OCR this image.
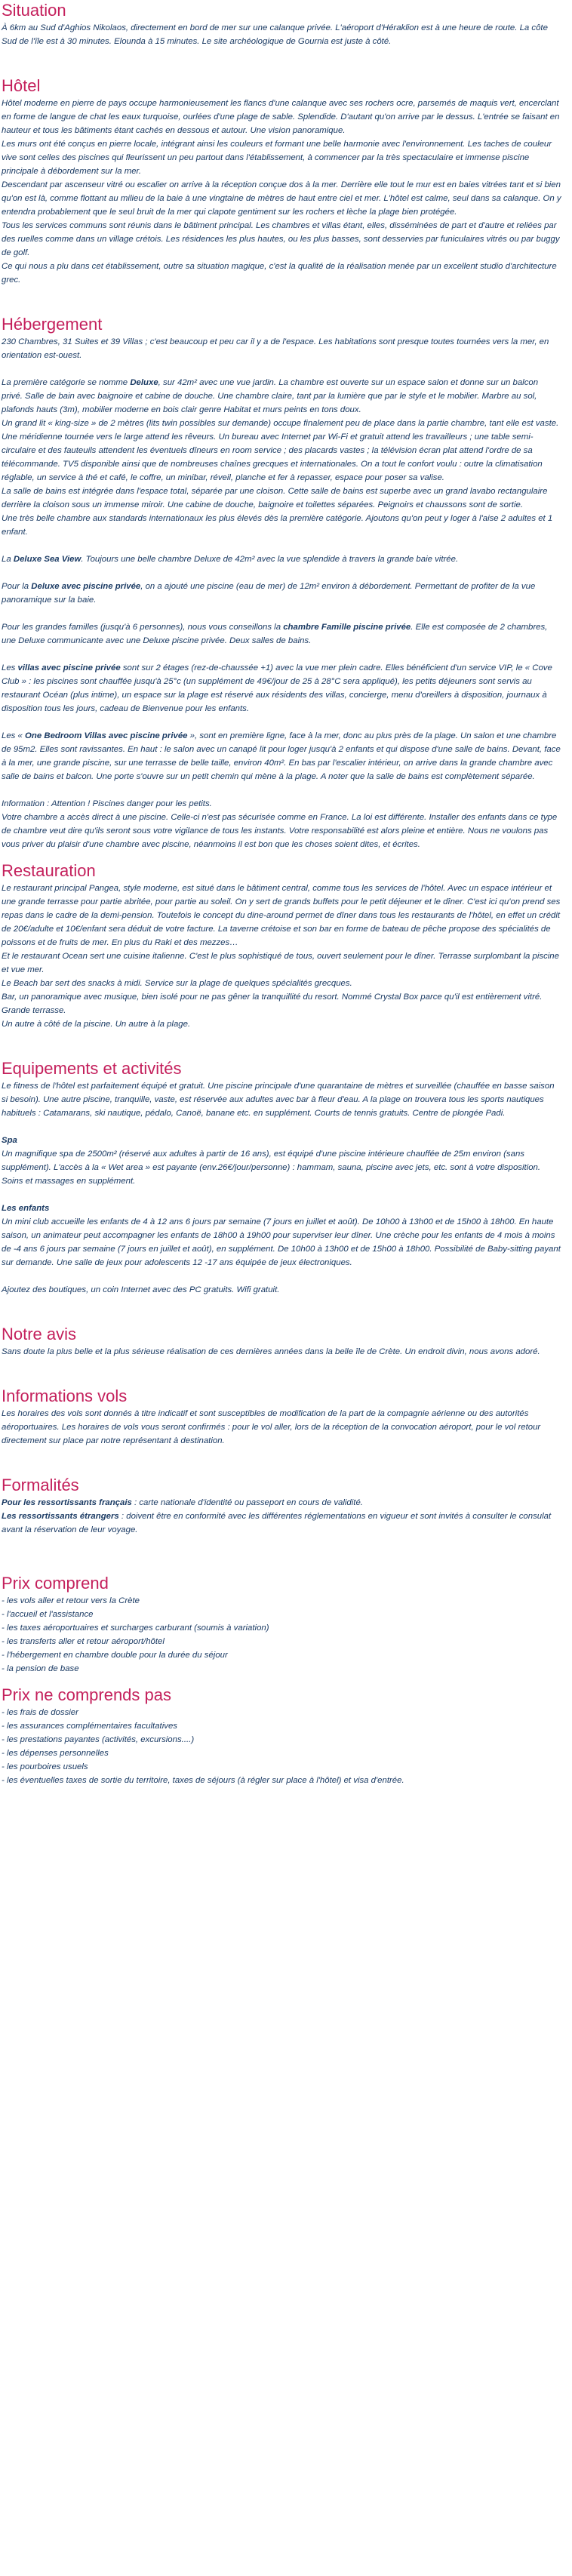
Situation

À 6km au Sud d'Aghios Nikolaos, directement en bord de mer sur une calanque privée. L'aéroport d'Héraklion est à une heure de route. La côte Sud de l'île est à 30 minutes. Elounda à 15 minutes. Le site archéologique de Gournia est juste à côté.

Hôtel

Hôtel moderne en pierre de pays occupe harmonieusement les flancs d'une calanque avec ses rochers ocre, parsemés de maquis vert, encerclant en forme de langue de chat les eaux turquoise, ourlées d'une plage de sable. Splendide. D'autant qu'on arrive par le dessus. L'entrée se faisant en hauteur et tous les bâtiments étant cachés en dessous et autour. Une vision panoramique.

Les murs ont été conçus en pierre locale, intégrant ainsi les couleurs et formant une belle harmonie avec l'environnement. Les taches de couleur vive sont celles des piscines qui fleurissent un peu partout dans l'établissement, à commencer par la très spectaculaire et immense piscine principale à débordement sur la mer.

Descendant par ascenseur vitré ou escalier on arrive à la réception conçue dos à la mer. Derrière elle tout le mur est en baies vitrées tant et si bien qu'on est là, comme flottant au milieu de la baie à une vingtaine de mètres de haut entre ciel et mer. L'hôtel est calme, seul dans sa calanque. On y entendra probablement que le seul bruit de la mer qui clapote gentiment sur les rochers et lèche la plage bien protégée.

Tous les services communs sont réunis dans le bâtiment principal. Les chambres et villas étant, elles, disséminées de part et d'autre et reliées par des ruelles comme dans un village crétois. Les résidences les plus hautes, ou les plus basses, sont desservies par funiculaires vitrés ou par buggy de golf.

Ce qui nous a plu dans cet établissement, outre sa situation magique, c'est la qualité de la réalisation menée par un excellent studio d'architecture grec.

Hébergement

230 Chambres, 31 Suites et 39 Villas ; c'est beaucoup et peu car il y a de l'espace. Les habitations sont presque toutes tournées vers la mer, en orientation est-ouest.

La première catégorie se nomme Deluxe, sur 42m² avec une vue jardin. La chambre est ouverte sur un espace salon et donne sur un balcon privé. Salle de bain avec baignoire et cabine de douche. Une chambre claire, tant par la lumière que par le style et le mobilier. Marbre au sol, plafonds hauts (3m), mobilier moderne en bois clair genre Habitat et murs peints en tons doux.

Un grand lit « king-size » de 2 mètres (lits twin possibles sur demande) occupe finalement peu de place dans la partie chambre, tant elle est vaste. Une méridienne tournée vers le large attend les rêveurs. Un bureau avec Internet par Wi-Fi et gratuit attend les travailleurs ; une table semi-circulaire et des fauteuils attendent les éventuels dîneurs en room service ; des placards vastes ; la télévision écran plat attend l'ordre de sa télécommande. TV5 disponible ainsi que de nombreuses chaînes grecques et internationales. On a tout le confort voulu : outre la climatisation réglable, un service à thé et café, le coffre, un minibar, réveil, planche et fer à repasser, espace pour poser sa valise.

La salle de bains est intégrée dans l'espace total, séparée par une cloison. Cette salle de bains est superbe avec un grand lavabo rectangulaire derrière la cloison sous un immense miroir. Une cabine de douche, baignoire et toilettes séparées. Peignoirs et chaussons sont de sortie.

Une très belle chambre aux standards internationaux les plus élevés dès la première catégorie. Ajoutons qu'on peut y loger à l'aise 2 adultes et 1 enfant.

La Deluxe Sea View. Toujours une belle chambre Deluxe de 42m² avec la vue splendide à travers la grande baie vitrée.

Pour la Deluxe avec piscine privée, on a ajouté une piscine (eau de mer) de 12m² environ à débordement. Permettant de profiter de la vue panoramique sur la baie.

Pour les grandes familles (jusqu'à 6 personnes), nous vous conseillons la chambre Famille piscine privée. Elle est composée de 2 chambres, une Deluxe communicante avec une Deluxe piscine privée. Deux salles de bains.

Les villas avec piscine privée sont sur 2 étages (rez-de-chaussée +1) avec la vue mer plein cadre. Elles bénéficient d'un service VIP, le « Cove Club » : les piscines sont chauffée jusqu'à 25°c (un supplément de 49€/jour de 25 à 28°C sera appliqué), les petits déjeuners sont servis au restaurant Océan (plus intime), un espace sur la plage est réservé aux résidents des villas, concierge, menu d'oreillers à disposition, journaux à disposition tous les jours, cadeau de Bienvenue pour les enfants.

Les « One Bedroom Villas avec piscine privée », sont en première ligne, face à la mer, donc au plus près de la plage. Un salon et une chambre de 95m2. Elles sont ravissantes. En haut : le salon avec un canapé lit pour loger jusqu'à 2 enfants et qui dispose d'une salle de bains. Devant, face à la mer, une grande piscine, sur une terrasse de belle taille, environ 40m². En bas par l'escalier intérieur, on arrive dans la grande chambre avec salle de bains et balcon. Une porte s'ouvre sur un petit chemin qui mène à la plage. A noter que la salle de bains est complètement séparée.

Information : Attention ! Piscines danger pour les petits.

Votre chambre a accès direct à une piscine. Celle-ci n'est pas sécurisée comme en France. La loi est différente. Installer des enfants dans ce type de chambre veut dire qu'ils seront sous votre vigilance de tous les instants. Votre responsabilité est alors pleine et entière. Nous ne voulons pas vous priver du plaisir d'une chambre avec piscine, néanmoins il est bon que les choses soient dites, et écrites.

Restauration

Le restaurant principal Pangea, style moderne, est situé dans le bâtiment central, comme tous les services de l'hôtel. Avec un espace intérieur et une grande terrasse pour partie abritée, pour partie au soleil. On y sert de grands buffets pour le petit déjeuner et le dîner. C'est ici qu'on prend ses repas dans le cadre de la demi-pension. Toutefois le concept du dine-around permet de dîner dans tous les restaurants de l'hôtel, en effet un crédit de 20€/adulte et 10€/enfant sera déduit de votre facture. La taverne crétoise et son bar en forme de bateau de pêche propose des spécialités de poissons et de fruits de mer. En plus du Raki et des mezzes…

Et le restaurant Ocean sert une cuisine italienne. C'est le plus sophistiqué de tous, ouvert seulement pour le dîner. Terrasse surplombant la piscine et vue mer.

Le Beach bar sert des snacks à midi. Service sur la plage de quelques spécialités grecques.

Bar, un panoramique avec musique, bien isolé pour ne pas gêner la tranquillité du resort. Nommé Crystal Box parce qu'il est entièrement vitré. Grande terrasse.

Un autre à côté de la piscine. Un autre à la plage.

Equipements et activités

Le fitness de l'hôtel est parfaitement équipé et gratuit. Une piscine principale d'une quarantaine de mètres et surveillée (chauffée en basse saison si besoin). Une autre piscine, tranquille, vaste, est réservée aux adultes avec bar à fleur d'eau. A la plage on trouvera tous les sports nautiques habituels : Catamarans, ski nautique, pédalo, Canoë, banane etc. en supplément. Courts de tennis gratuits. Centre de plongée Padi.

Spa

Un magnifique spa de 2500m² (réservé aux adultes à partir de 16 ans), est équipé d'une piscine intérieure chauffée de 25m environ (sans supplément). L'accès à la « Wet area » est payante (env.26€/jour/personne) : hammam, sauna, piscine avec jets, etc. sont à votre disposition. Soins et massages en supplément.

Les enfants

Un mini club accueille les enfants de 4 à 12 ans 6 jours par semaine (7 jours en juillet et août). De 10h00 à 13h00 et de 15h00 à 18h00. En haute saison, un animateur peut accompagner les enfants de 18h00 à 19h00 pour superviser leur dîner. Une crèche pour les enfants de 4 mois à moins de -4 ans 6 jours par semaine (7 jours en juillet et août), en supplément. De 10h00 à 13h00 et de 15h00 à 18h00. Possibilité de Baby-sitting payant sur demande. Une salle de jeux pour adolescents 12 -17 ans équipée de jeux électroniques.

Ajoutez des boutiques, un coin Internet avec des PC gratuits. Wifi gratuit.

Notre avis

Sans doute la plus belle et la plus sérieuse réalisation de ces dernières années dans la belle île de Crète. Un endroit divin, nous avons adoré.

Informations vols

Les horaires des vols sont donnés à titre indicatif et sont susceptibles de modification de la part de la compagnie aérienne ou des autorités aéroportuaires. Les horaires de vols vous seront confirmés : pour le vol aller, lors de la réception de la convocation aéroport, pour le vol retour directement sur place par notre représentant à destination.

Formalités

Pour les ressortissants français : carte nationale d'identité ou passeport en cours de validité.

Les ressortissants étrangers : doivent être en conformité avec les différentes réglementations en vigueur et sont invités à consulter le consulat avant la réservation de leur voyage.

Prix comprend
- les vols aller et retour vers la Crète
- l'accueil et l'assistance
- les taxes aéroportuaires et surcharges carburant (soumis à variation)
- les transferts aller et retour aéroport/hôtel
- l'hébergement en chambre double pour la durée du séjour
- la pension de base
Prix ne comprends pas
- les frais de dossier
- les assurances complémentaires facultatives
- les prestations payantes (activités, excursions....)
- les dépenses personnelles
- les pourboires usuels
- les éventuelles taxes de sortie du territoire, taxes de séjours (à régler sur place à l'hôtel) et visa d'entrée.
